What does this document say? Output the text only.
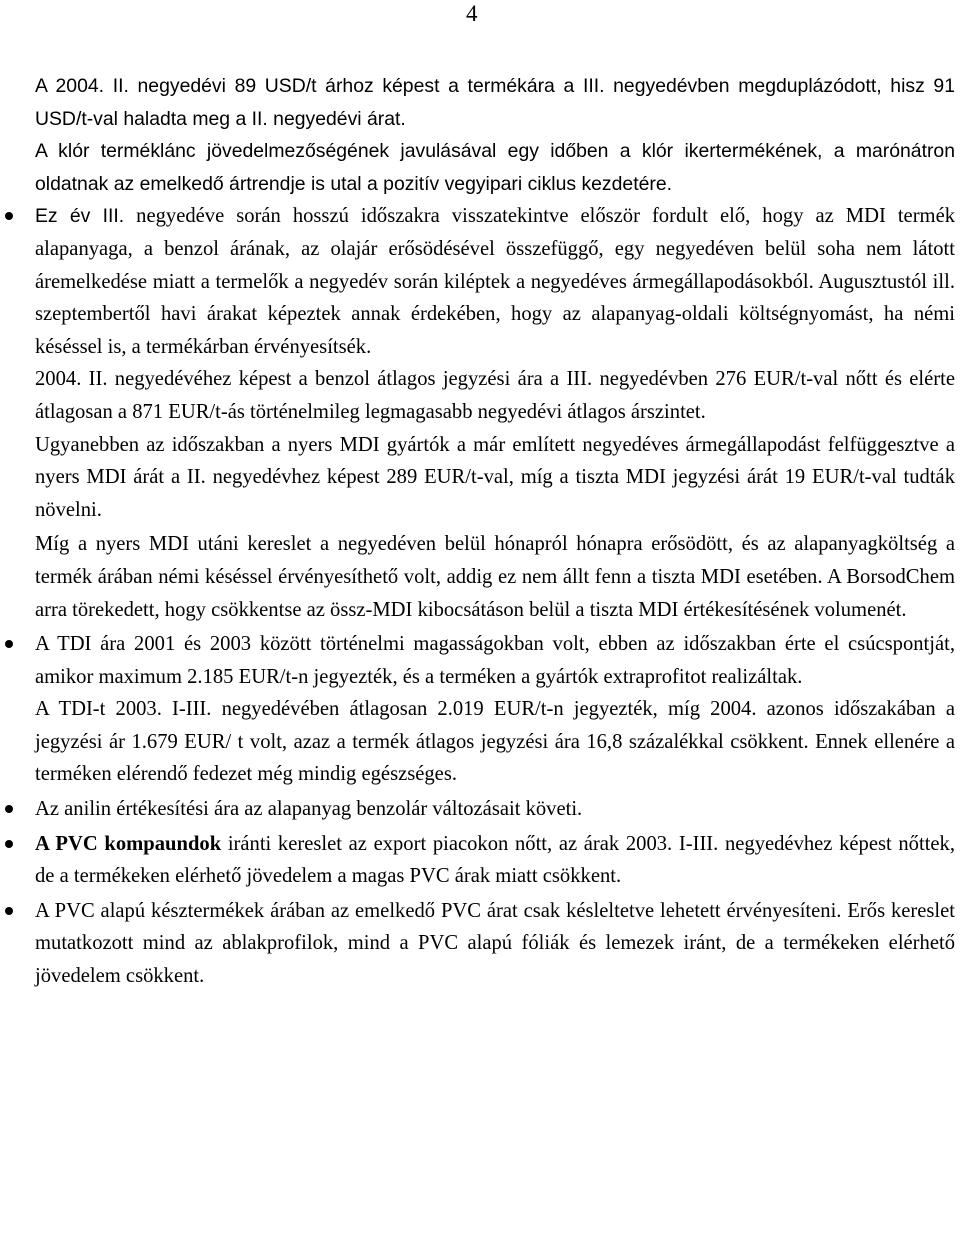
4

A 2004. II. negyedévi 89 USD/t árhoz képest a termékára a III. negyedévben megduplázódott, hisz 91 USD/t-val haladta meg a II. negyedévi árat.

A klór terméklánc jövedelmezőségének javulásával egy időben a klór ikertermékének, a marónátron oldatnak az emelkedő ártrendje is utal a pozitív vegyipari ciklus kezdetére.

Ez év III. negyedéve során hosszú időszakra visszatekintve először fordult elő, hogy az MDI termék alapanyaga, a benzol árának, az olajár erősödésével összefüggő, egy negyedéven belül soha nem látott áremelkedése miatt a termelők a negyedév során kiléptek a negyedéves ármegállapodásokból. Augusztustól ill. szeptembertől havi árakat képeztek annak érdekében, hogy az alapanyag-oldali költségnyomást, ha némi késéssel is, a termékárban érvényesítsék.

2004. II. negyedévéhez képest a benzol átlagos jegyzési ára a III. negyedévben 276 EUR/t-val nőtt és elérte átlagosan a 871 EUR/t-ás történelmileg legmagasabb negyedévi átlagos árszintet.

Ugyanebben az időszakban a nyers MDI gyártók a már említett negyedéves ármegállapodást felfüggesztve a nyers MDI árát a II. negyedévhez képest 289 EUR/t-val, míg a tiszta MDI jegyzési árát 19 EUR/t-val tudták növelni.

Míg a nyers MDI utáni kereslet a negyedéven belül hónapról hónapra erősödött, és az alapanyagköltség a termék árában némi késéssel érvényesíthető volt, addig ez nem állt fenn a tiszta MDI esetében. A BorsodChem arra törekedett, hogy csökkentse az össz-MDI kibocsátáson belül a tiszta MDI értékesítésének volumenét.

A TDI ára 2001 és 2003 között történelmi magasságokban volt, ebben az időszakban érte el csúcspontját, amikor maximum 2.185 EUR/t-n jegyezték, és a terméken a gyártók extraprofitot realizáltak.

A TDI-t 2003. I-III. negyedévében átlagosan 2.019 EUR/t-n jegyezték, míg 2004. azonos időszakában a jegyzési ár 1.679 EUR/ t volt, azaz a termék átlagos jegyzési ára 16,8 százalékkal csökkent. Ennek ellenére a terméken elérendő fedezet még mindig egészséges.

Az anilin értékesítési ára az alapanyag benzolár változásait követi.
A PVC kompaundok iránti kereslet az export piacokon nőtt, az árak 2003. I-III. negyedévhez képest nőttek, de a termékeken elérhető jövedelem a magas PVC árak miatt csökkent.
A PVC alapú késztermékek árában az emelkedő PVC árat csak késleltetve lehetett érvényesíteni. Erős kereslet mutatkozott mind az ablakprofilok, mind a PVC alapú fóliák és lemezek iránt, de a termékeken elérhető jövedelem csökkent.
